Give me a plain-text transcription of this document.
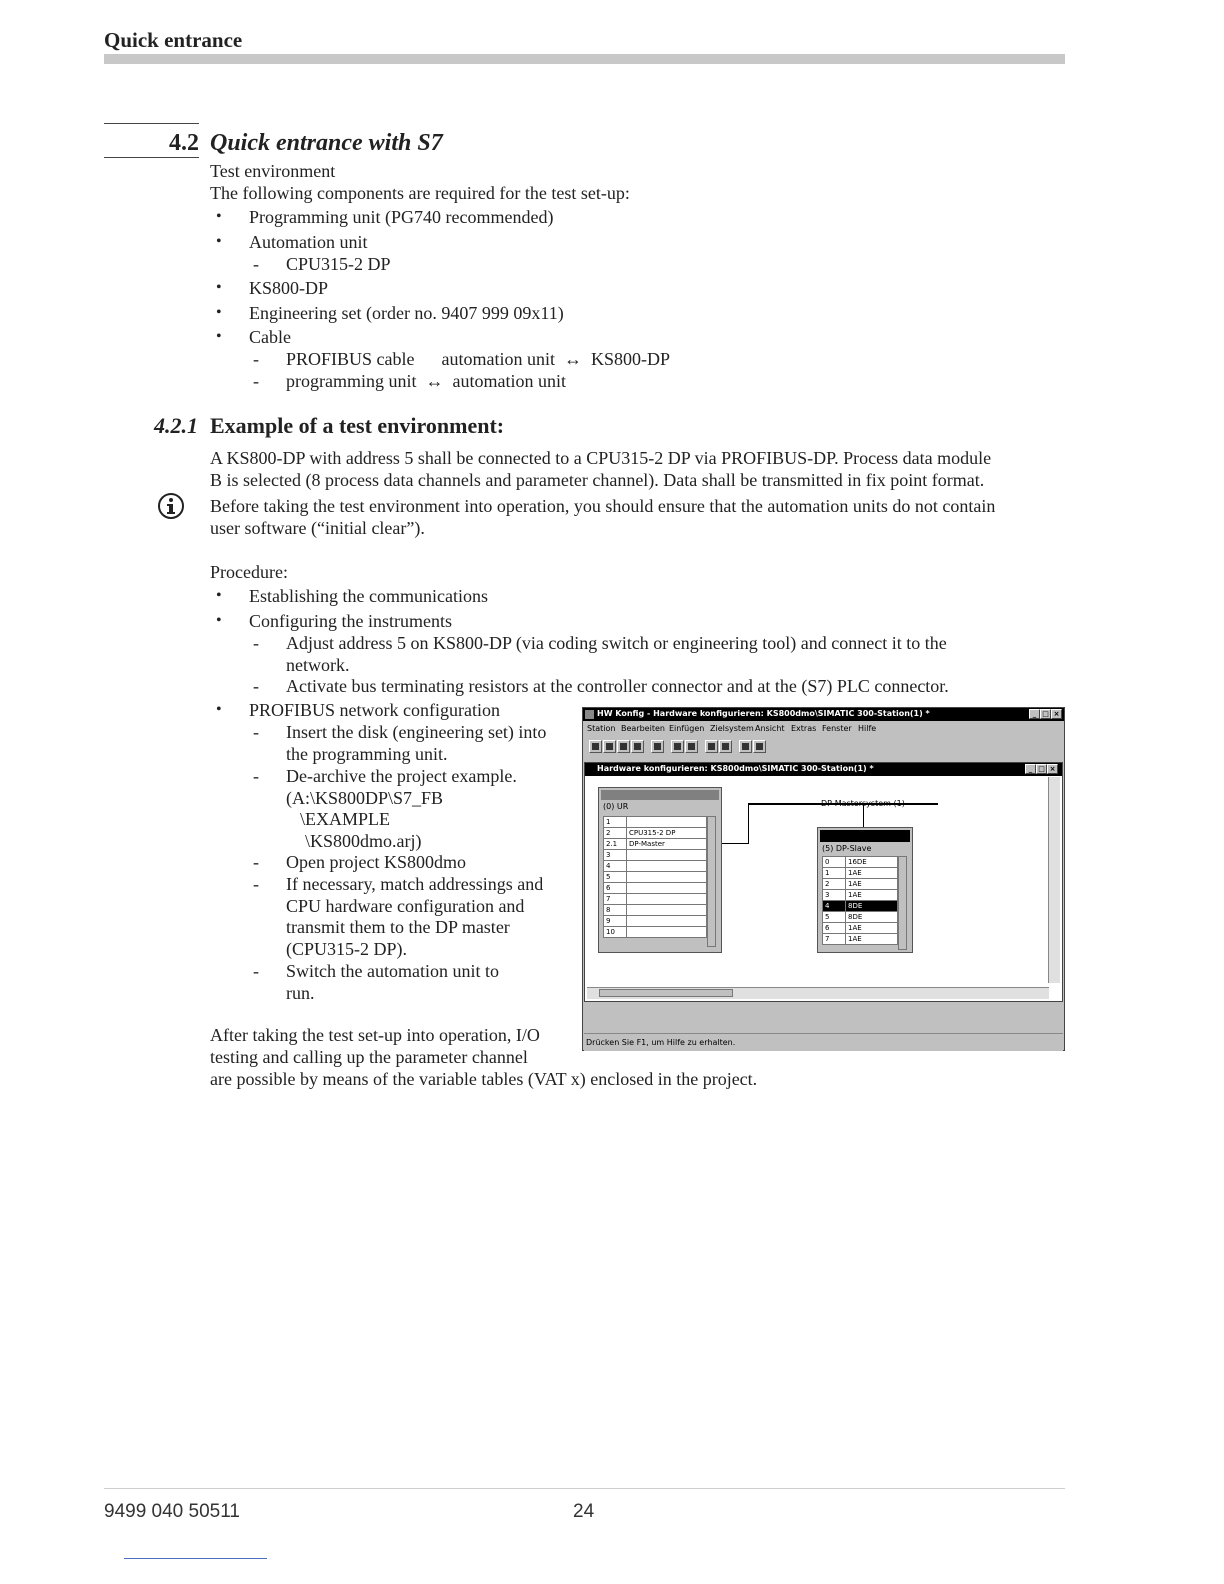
Quick entrance
4.2 Quick entrance with S7
Test environment
The following components are required for the test set-up:
• Programming unit (PG740 recommended)
• Automation unit
- CPU315-2 DP
• KS800-DP
• Engineering set (order no. 9407 999 09x11)
• Cable
- PROFIBUS cable      automation unit  ↔  KS800-DP
- programming unit  ↔  automation unit
4.2.1 Example of a test environment:
A KS800-DP with address 5 shall be connected to a CPU315-2 DP via PROFIBUS-DP. Process data module
B is selected (8 process data channels and parameter channel). Data shall be transmitted in fix point format.
Before taking the test environment into operation, you should ensure that the automation units do not contain
user software (“initial clear”).
Procedure:
• Establishing the communications
• Configuring the instruments
- Adjust address 5 on KS800-DP (via coding switch or engineering tool) and connect it to the
network.
- Activate bus terminating resistors at the controller connector and at the (S7) PLC connector.
• PROFIBUS network configuration
- Insert the disk (engineering set) into
the programming unit.
- De-archive the project example.
(A:\KS800DP\S7_FB
\EXAMPLE
\KS800dmo.arj)
- Open project KS800dmo
- If necessary, match addressings and
CPU hardware configuration and
transmit them to the DP master
(CPU315-2 DP).
- Switch the automation unit to
run.
After taking the test set-up into operation, I/O
testing and calling up the parameter channel
are possible by means of the variable tables (VAT x) enclosed in the project.
HW Konfig - Hardware konfigurieren: KS800dmo\SIMATIC 300-Station(1) *	_ □ ×
Station Bearbeiten Einfügen Zielsystem Ansicht Extras Fenster Hilfe
Hardware konfigurieren: KS800dmo\SIMATIC 300-Station(1) *	_ □ ×
(0) UR
1	
2	CPU315-2 DP
2.1	DP-Master
3	
4	
5	
6	
7	
8	
9	
10	
DP-Mastersystem (1)
(5) DP-Slave
0	16DE
1	1AE
2	1AE
3	1AE
4	8DE
5	8DE
6	1AE
7	1AE
Drücken Sie F1, um Hilfe zu erhalten.
9499 040 50511	24
